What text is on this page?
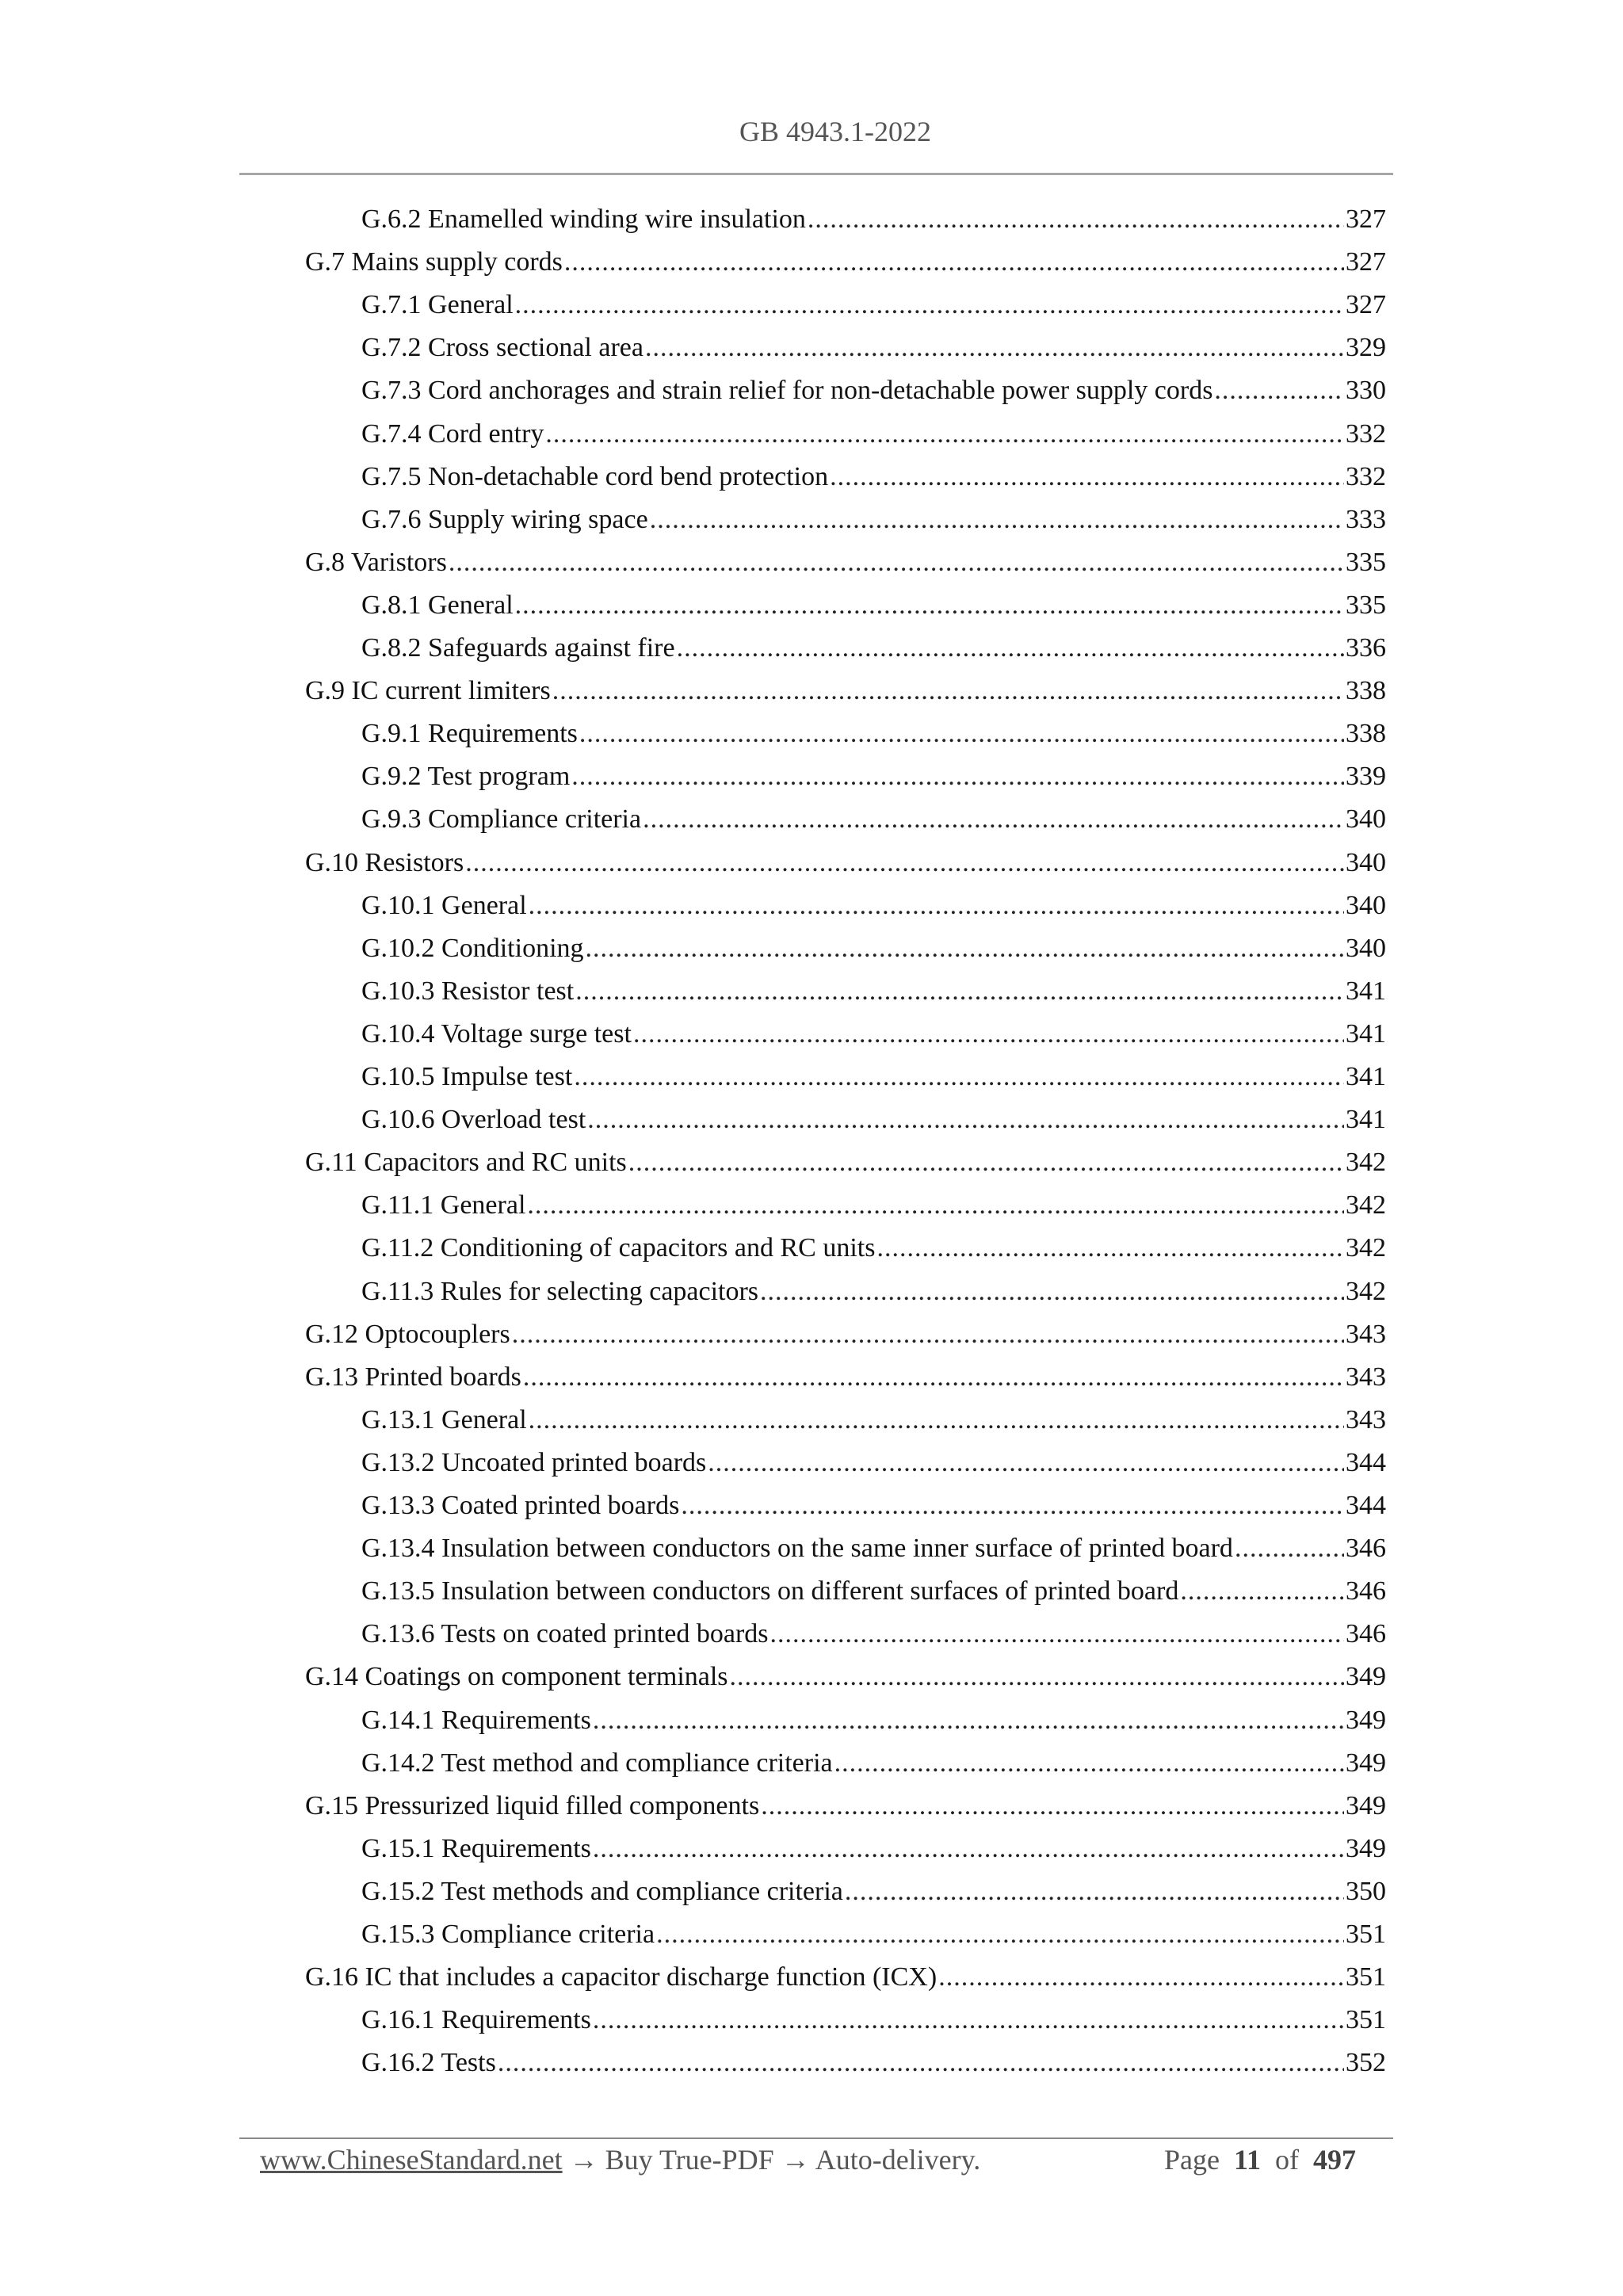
GB 4943.1-2022
G.6.2 Enamelled winding wire insulation .....	327
G.7 Mains supply cords .....	327
G.7.1 General .....	327
G.7.2 Cross sectional area .....	329
G.7.3 Cord anchorages and strain relief for non-detachable power supply cords .....	330
G.7.4 Cord entry .....	332
G.7.5 Non-detachable cord bend protection .....	332
G.7.6 Supply wiring space .....	333
G.8 Varistors .....	335
G.8.1 General .....	335
G.8.2 Safeguards against fire .....	336
G.9 IC current limiters .....	338
G.9.1 Requirements .....	338
G.9.2 Test program .....	339
G.9.3 Compliance criteria .....	340
G.10 Resistors .....	340
G.10.1 General .....	340
G.10.2 Conditioning .....	340
G.10.3 Resistor test .....	341
G.10.4 Voltage surge test .....	341
G.10.5 Impulse test .....	341
G.10.6 Overload test .....	341
G.11 Capacitors and RC units .....	342
G.11.1 General .....	342
G.11.2 Conditioning of capacitors and RC units .....	342
G.11.3 Rules for selecting capacitors .....	342
G.12 Optocouplers .....	343
G.13 Printed boards .....	343
G.13.1 General .....	343
G.13.2 Uncoated printed boards .....	344
G.13.3 Coated printed boards .....	344
G.13.4 Insulation between conductors on the same inner surface of printed board .....	346
G.13.5 Insulation between conductors on different surfaces of printed board .....	346
G.13.6 Tests on coated printed boards .....	346
G.14 Coatings on component terminals .....	349
G.14.1 Requirements .....	349
G.14.2 Test method and compliance criteria .....	349
G.15 Pressurized liquid filled components .....	349
G.15.1 Requirements .....	349
G.15.2 Test methods and compliance criteria .....	350
G.15.3 Compliance criteria .....	351
G.16 IC that includes a capacitor discharge function (ICX) .....	351
G.16.1 Requirements .....	351
G.16.2 Tests .....	352
www.ChineseStandard.net → Buy True-PDF → Auto-delivery.	Page 11 of 497
